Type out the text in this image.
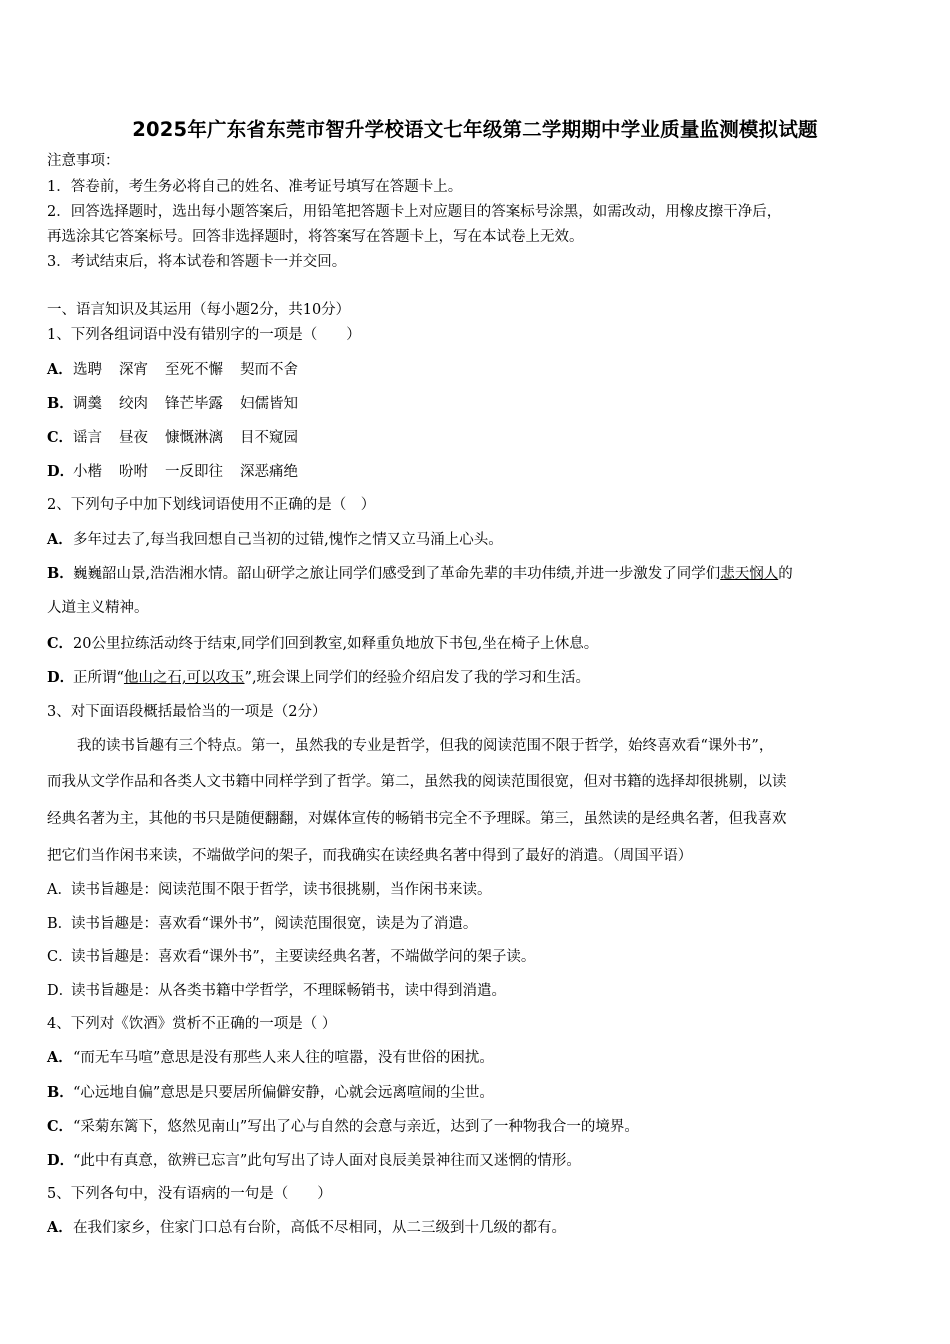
2025年广东省东莞市智升学校语文七年级第二学期期中学业质量监测模拟试题
注意事项：
1．答卷前，考生务必将自己的姓名、准考证号填写在答题卡上。
2．回答选择题时，选出每小题答案后，用铅笔把答题卡上对应题目的答案标号涂黑，如需改动，用橡皮擦干净后，
再选涂其它答案标号。回答非选择题时，将答案写在答题卡上，写在本试卷上无效。
3．考试结束后，将本试卷和答题卡一并交回。
一、语言知识及其运用（每小题2分，共10分）
1、下列各组词语中没有错别字的一项是（　　）
A．选聘 深宵 至死不懈 契而不舍
B．调羹 绞肉 锋芒毕露 妇儒皆知
C．谣言 昼夜 慷慨淋漓 目不窥园
D．小楷 吩咐 一反即往 深恶痛绝
2、下列句子中加下划线词语使用不正确的是（　）
A．多年过去了,每当我回想自己当初的过错,愧怍之情又立马涌上心头。
B．巍巍韶山景,浩浩湘水情。韶山研学之旅让同学们感受到了革命先辈的丰功伟绩,并进一步激发了同学们悲天悯人的
人道主义精神。
C．20公里拉练活动终于结束,同学们回到教室,如释重负地放下书包,坐在椅子上休息。
D．正所谓“他山之石,可以攻玉”,班会课上同学们的经验介绍启发了我的学习和生活。
3、对下面语段概括最恰当的一项是（2分）
我的读书旨趣有三个特点。第一，虽然我的专业是哲学，但我的阅读范围不限于哲学，始终喜欢看“课外书”，
而我从文学作品和各类人文书籍中同样学到了哲学。第二，虽然我的阅读范围很宽，但对书籍的选择却很挑剔，以读
经典名著为主，其他的书只是随便翻翻，对媒体宣传的畅销书完全不予理睬。第三，虽然读的是经典名著，但我喜欢
把它们当作闲书来读，不端做学问的架子，而我确实在读经典名著中得到了最好的消遣。（周国平语）
A．读书旨趣是：阅读范围不限于哲学，读书很挑剔，当作闲书来读。
B．读书旨趣是：喜欢看“课外书”，阅读范围很宽，读是为了消遣。
C．读书旨趣是：喜欢看“课外书”，主要读经典名著，不端做学问的架子读。
D．读书旨趣是：从各类书籍中学哲学，不理睬畅销书，读中得到消遣。
4、下列对《饮酒》赏析不正确的一项是（ ）
A．“而无车马喧”意思是没有那些人来人往的喧嚣，没有世俗的困扰。
B．“心远地自偏”意思是只要居所偏僻安静，心就会远离喧闹的尘世。
C．“采菊东篱下，悠然见南山”写出了心与自然的会意与亲近，达到了一种物我合一的境界。
D．“此中有真意，欲辨已忘言”此句写出了诗人面对良辰美景神往而又迷惘的情形。
5、下列各句中，没有语病的一句是（　　）
A．在我们家乡，住家门口总有台阶，高低不尽相同，从二三级到十几级的都有。
